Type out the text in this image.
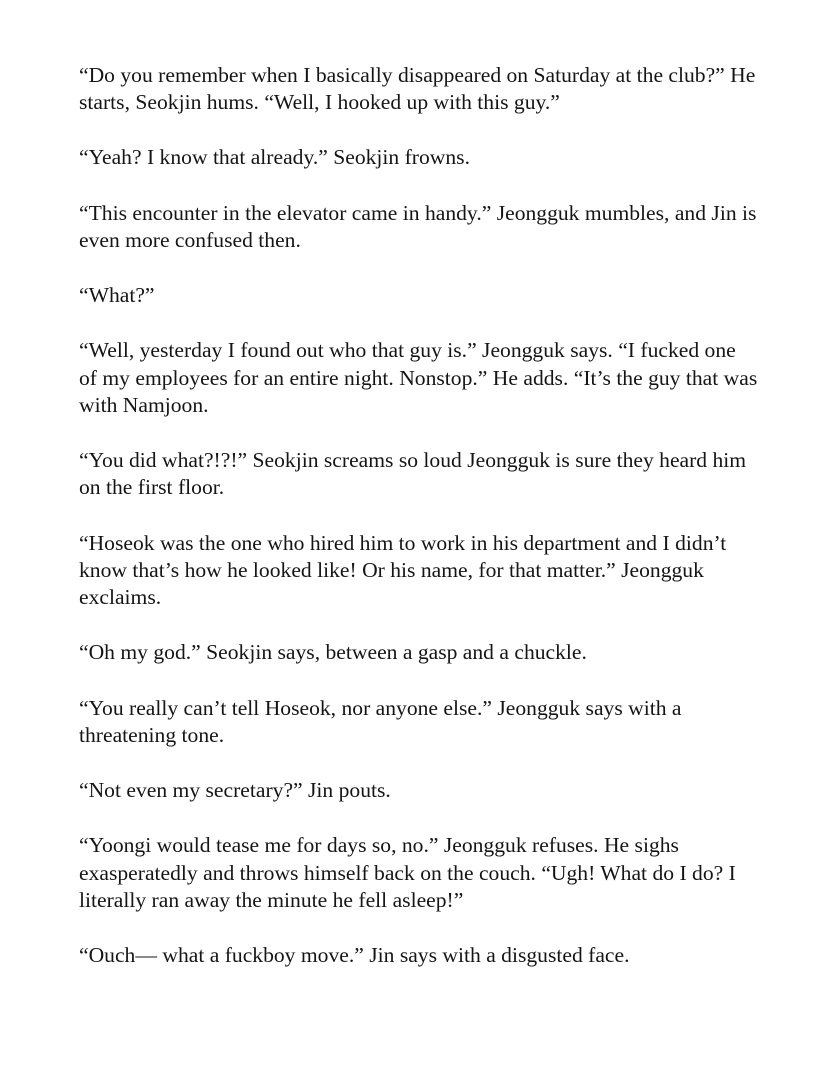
“Do you remember when I basically disappeared on Saturday at the club?” He starts, Seokjin hums. “Well, I hooked up with this guy.”

“Yeah? I know that already.” Seokjin frowns.

“This encounter in the elevator came in handy.” Jeongguk mumbles, and Jin is even more confused then.

“What?”

“Well, yesterday I found out who that guy is.” Jeongguk says. “I fucked one of my employees for an entire night. Nonstop.” He adds. “It’s the guy that was with Namjoon.

“You did what?!?!” Seokjin screams so loud Jeongguk is sure they heard him on the first floor.

“Hoseok was the one who hired him to work in his department and I didn’t know that’s how he looked like! Or his name, for that matter.” Jeongguk exclaims.

“Oh my god.” Seokjin says, between a gasp and a chuckle.

“You really can’t tell Hoseok, nor anyone else.” Jeongguk says with a threatening tone.

“Not even my secretary?” Jin pouts.

“Yoongi would tease me for days so, no.” Jeongguk refuses. He sighs exasperatedly and throws himself back on the couch. “Ugh! What do I do? I literally ran away the minute he fell asleep!”

“Ouch— what a fuckboy move.” Jin says with a disgusted face.
